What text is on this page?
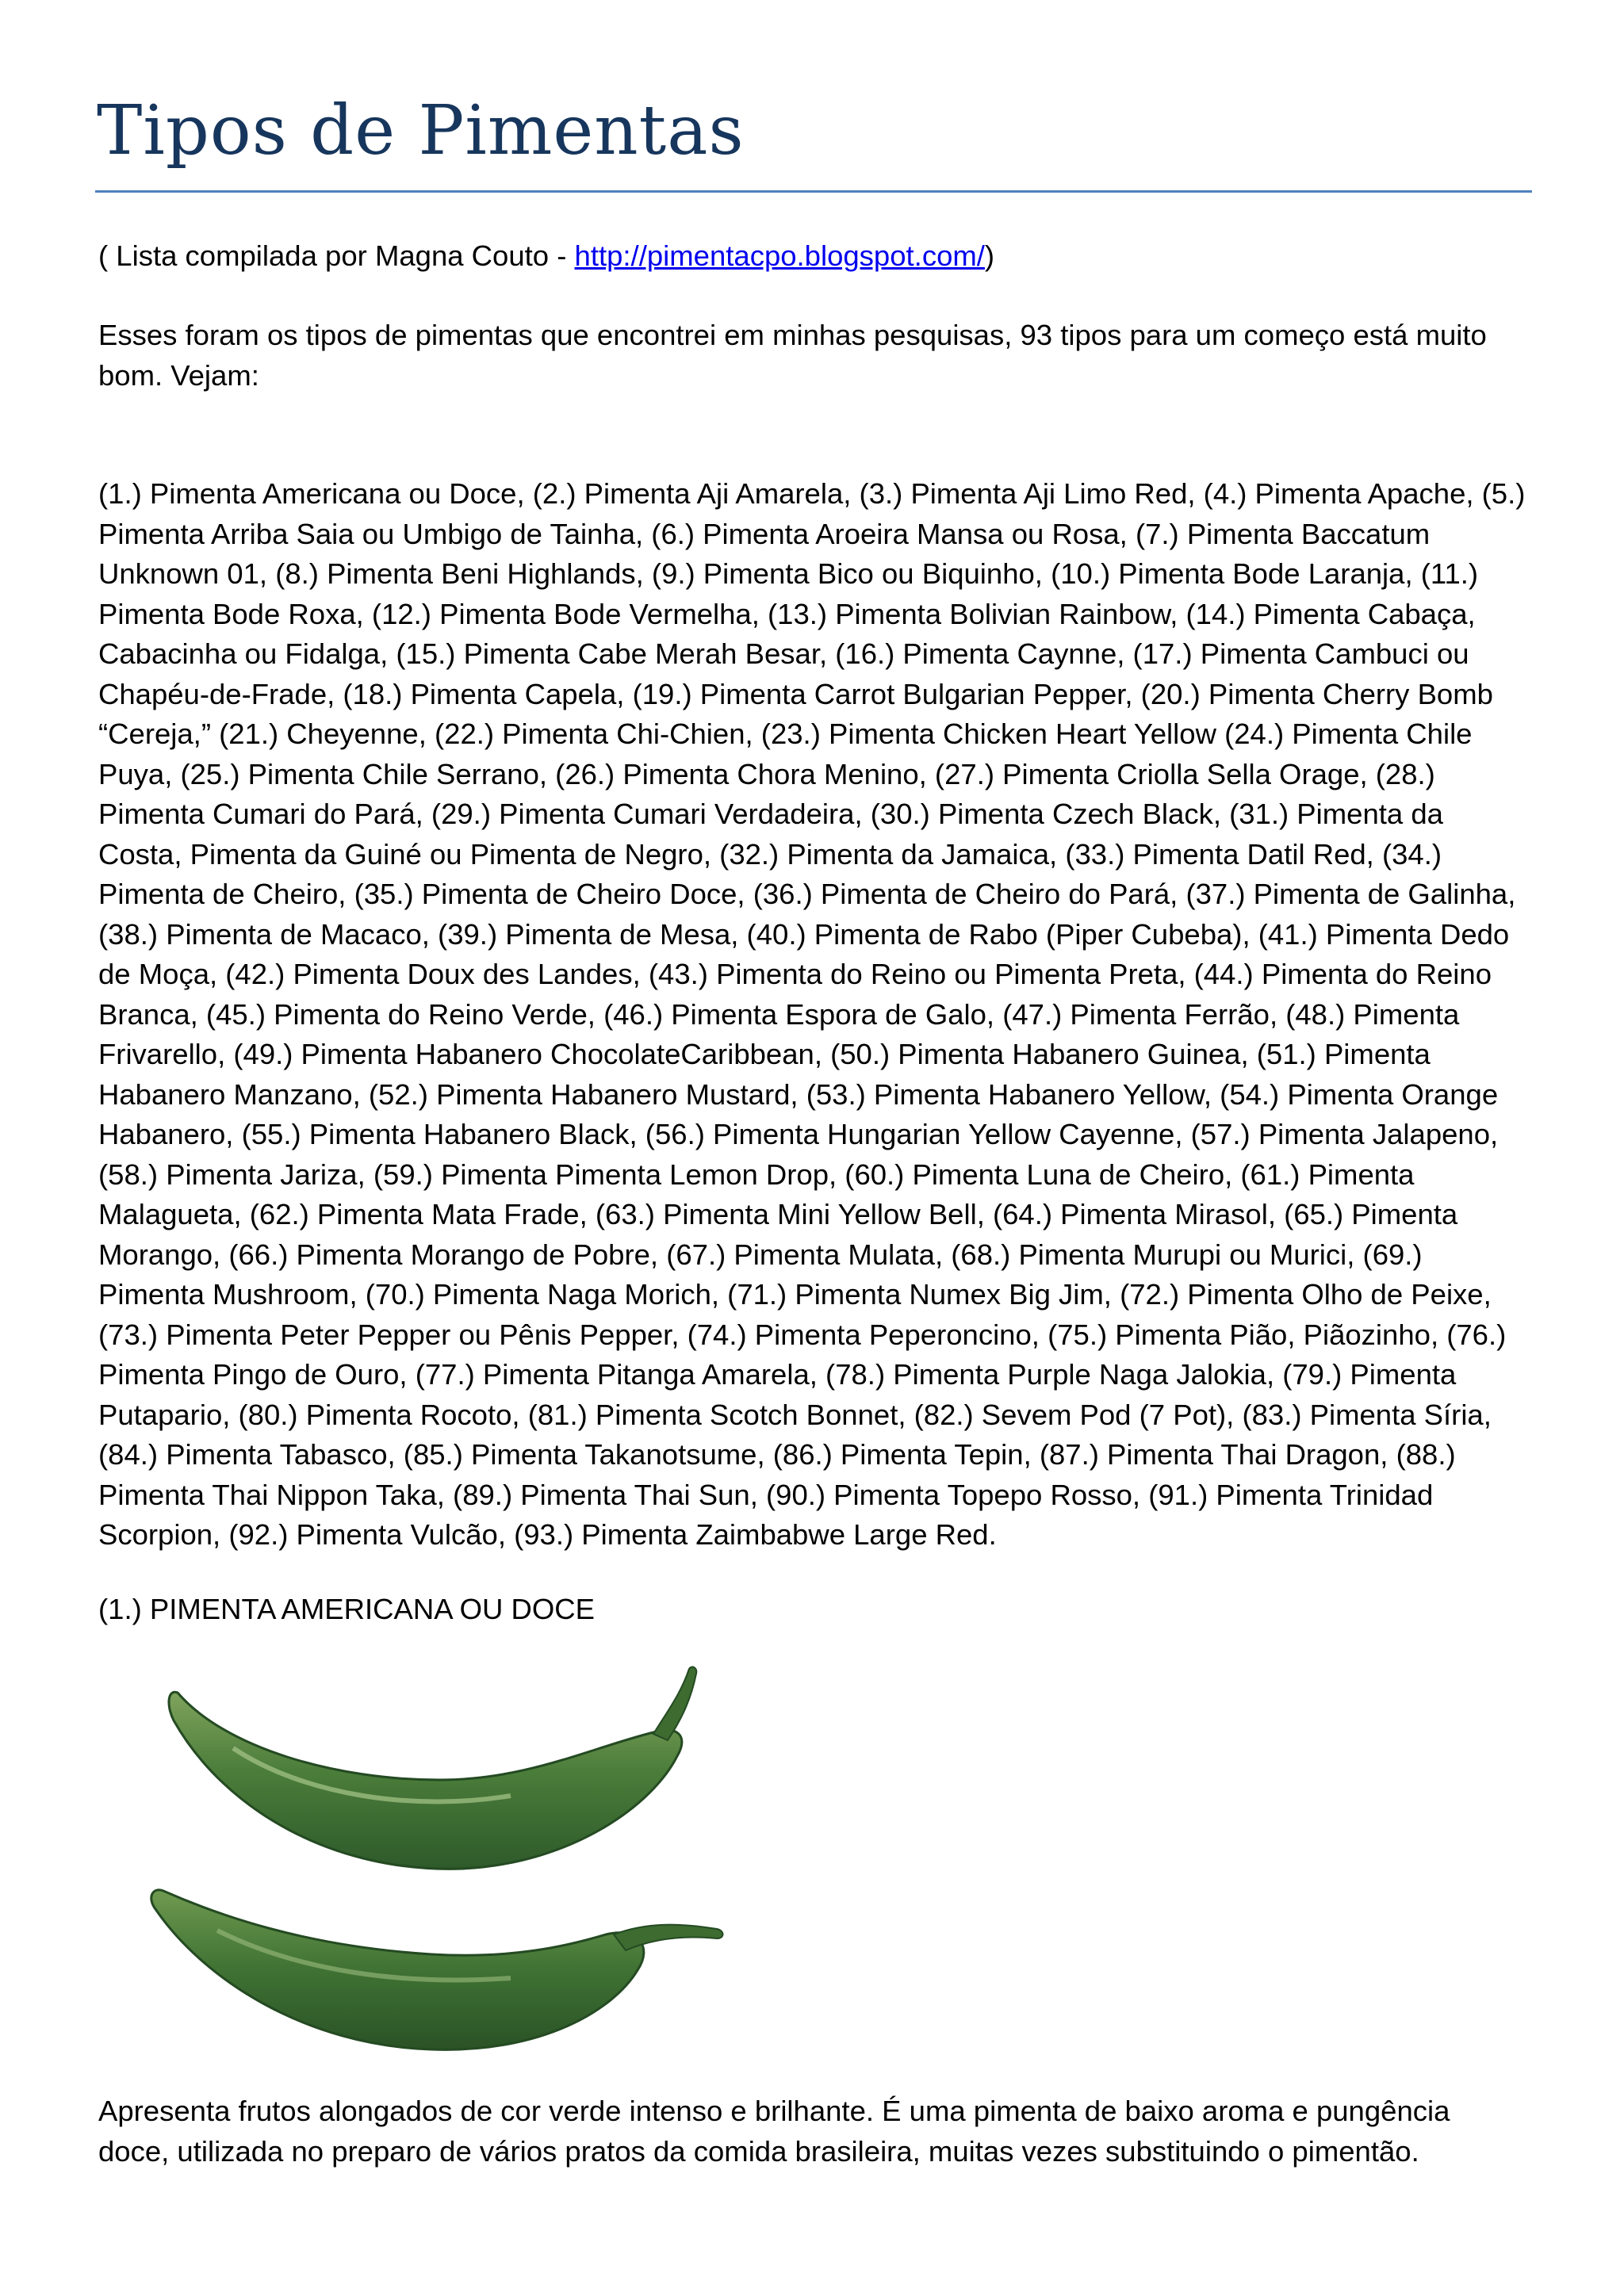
Tipos de Pimentas
( Lista compilada por Magna Couto - http://pimentacpo.blogspot.com/)
Esses foram os tipos de pimentas que encontrei em minhas pesquisas, 93 tipos para um começo está muito bom. Vejam:
(1.) Pimenta Americana ou Doce, (2.) Pimenta Aji Amarela, (3.) Pimenta Aji Limo Red, (4.) Pimenta Apache, (5.) Pimenta Arriba Saia ou Umbigo de Tainha, (6.) Pimenta Aroeira Mansa ou Rosa, (7.) Pimenta Baccatum Unknown 01, (8.) Pimenta Beni Highlands, (9.) Pimenta Bico ou Biquinho, (10.) Pimenta Bode Laranja, (11.) Pimenta Bode Roxa, (12.) Pimenta Bode Vermelha, (13.) Pimenta Bolivian Rainbow, (14.) Pimenta Cabaça, Cabacinha ou Fidalga, (15.) Pimenta Cabe Merah Besar, (16.) Pimenta Caynne, (17.) Pimenta Cambuci ou Chapéu-de-Frade, (18.) Pimenta Capela, (19.) Pimenta Carrot Bulgarian Pepper, (20.) Pimenta Cherry Bomb “Cereja,” (21.) Cheyenne, (22.) Pimenta Chi-Chien, (23.) Pimenta Chicken Heart Yellow (24.) Pimenta Chile Puya, (25.) Pimenta Chile Serrano, (26.) Pimenta Chora Menino, (27.) Pimenta Criolla Sella Orage, (28.) Pimenta Cumari do Pará, (29.) Pimenta Cumari Verdadeira, (30.) Pimenta Czech Black, (31.) Pimenta da Costa, Pimenta da Guiné ou Pimenta de Negro, (32.) Pimenta da Jamaica, (33.) Pimenta Datil Red, (34.) Pimenta de Cheiro, (35.) Pimenta de Cheiro Doce, (36.) Pimenta de Cheiro do Pará, (37.) Pimenta de Galinha, (38.) Pimenta de Macaco, (39.) Pimenta de Mesa, (40.) Pimenta de Rabo (Piper Cubeba), (41.) Pimenta Dedo de Moça, (42.) Pimenta Doux des Landes, (43.) Pimenta do Reino ou Pimenta Preta, (44.) Pimenta do Reino Branca, (45.) Pimenta do Reino Verde, (46.) Pimenta Espora de Galo, (47.) Pimenta Ferrão, (48.) Pimenta Frivarello, (49.) Pimenta Habanero ChocolateCaribbean, (50.) Pimenta Habanero Guinea, (51.) Pimenta Habanero Manzano, (52.) Pimenta Habanero Mustard, (53.) Pimenta Habanero Yellow, (54.) Pimenta Orange Habanero, (55.) Pimenta Habanero Black, (56.) Pimenta Hungarian Yellow Cayenne, (57.) Pimenta Jalapeno, (58.) Pimenta Jariza, (59.) Pimenta Pimenta Lemon Drop, (60.) Pimenta Luna de Cheiro, (61.) Pimenta Malagueta, (62.) Pimenta Mata Frade, (63.) Pimenta Mini Yellow Bell, (64.) Pimenta Mirasol, (65.) Pimenta Morango, (66.) Pimenta Morango de Pobre, (67.) Pimenta Mulata, (68.) Pimenta Murupi ou Murici, (69.) Pimenta Mushroom, (70.) Pimenta Naga Morich, (71.) Pimenta Numex Big Jim, (72.) Pimenta Olho de Peixe, (73.) Pimenta Peter Pepper ou Pênis Pepper, (74.) Pimenta Peperoncino, (75.) Pimenta Pião, Piãozinho, (76.) Pimenta Pingo de Ouro, (77.) Pimenta Pitanga Amarela, (78.) Pimenta Purple Naga Jalokia, (79.) Pimenta Putapario, (80.) Pimenta Rocoto, (81.) Pimenta Scotch Bonnet, (82.) Sevem Pod (7 Pot), (83.) Pimenta Síria, (84.) Pimenta Tabasco, (85.) Pimenta Takanotsume, (86.) Pimenta Tepin, (87.) Pimenta Thai Dragon, (88.) Pimenta Thai Nippon Taka, (89.) Pimenta Thai Sun, (90.) Pimenta Topepo Rosso, (91.) Pimenta Trinidad Scorpion, (92.) Pimenta Vulcão, (93.) Pimenta Zaimbabwe Large Red.
(1.) PIMENTA AMERICANA OU DOCE
Apresenta frutos alongados de cor verde intenso e brilhante. É uma pimenta de baixo aroma e pungência doce, utilizada no preparo de vários pratos da comida brasileira, muitas vezes substituindo o pimentão.
